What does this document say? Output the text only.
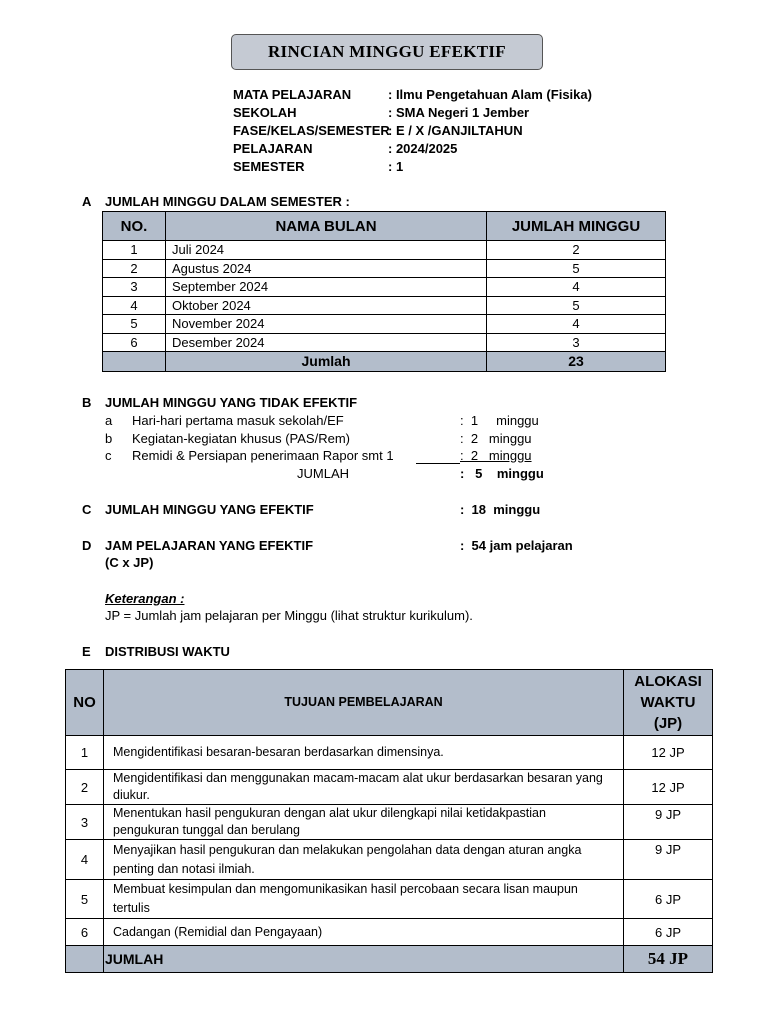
RINCIAN MINGGU EFEKTIF
MATA PELAJARAN	: Ilmu Pengetahuan Alam (Fisika)
SEKOLAH	: SMA Negeri 1 Jember
FASE/KELAS/SEMESTER
: E / X /GANJILTAHUN
PELAJARAN	: 2024/2025
SEMESTER	: 1
A JUMLAH MINGGU DALAM SEMESTER :
NO.	NAMA BULAN	JUMLAH MINGGU
1	Juli 2024	2
2	Agustus 2024	5
3	September 2024	4
4	Oktober 2024	5
5	November 2024	4
6	Desember 2024	3
	Jumlah	23
B JUMLAH MINGGU YANG TIDAK EFEKTIF
a Hari-hari pertama masuk sekolah/EF	:  1     minggu
b Kegiatan-kegiatan khusus (PAS/Rem)	:  2   minggu
c Remidi & Persiapan penerimaan Rapor smt 1	:  2   minggu
JUMLAH	:   5    minggu
C JUMLAH MINGGU YANG EFEKTIF	:  18  minggu
D JAM PELAJARAN YANG EFEKTIF	:  54 jam pelajaran
(C x JP)
Keterangan :
JP = Jumlah jam pelajaran per Minggu (lihat struktur kurikulum).
E DISTRIBUSI WAKTU
NO	TUJUAN PEMBELAJARAN	ALOKASI
WAKTU (JP)

1	Mengidentifikasi besaran-besaran berdasarkan dimensinya.	12 JP
2	Mengidentifikasi dan menggunakan macam-macam alat ukur berdasarkan besaran yang
diukur.	12 JP
3	Menentukan hasil pengukuran dengan alat ukur dilengkapi nilai ketidakpastian
pengukuran tunggal dan berulang	9 JP
4	Menyajikan hasil pengukuran dan melakukan pengolahan data dengan aturan angka
penting dan notasi ilmiah.	9 JP
5	Membuat kesimpulan dan mengomunikasikan hasil percobaan secara lisan maupun
tertulis	6 JP
6	Cadangan (Remidial dan Pengayaan)	6 JP
	JUMLAH	54 JP
